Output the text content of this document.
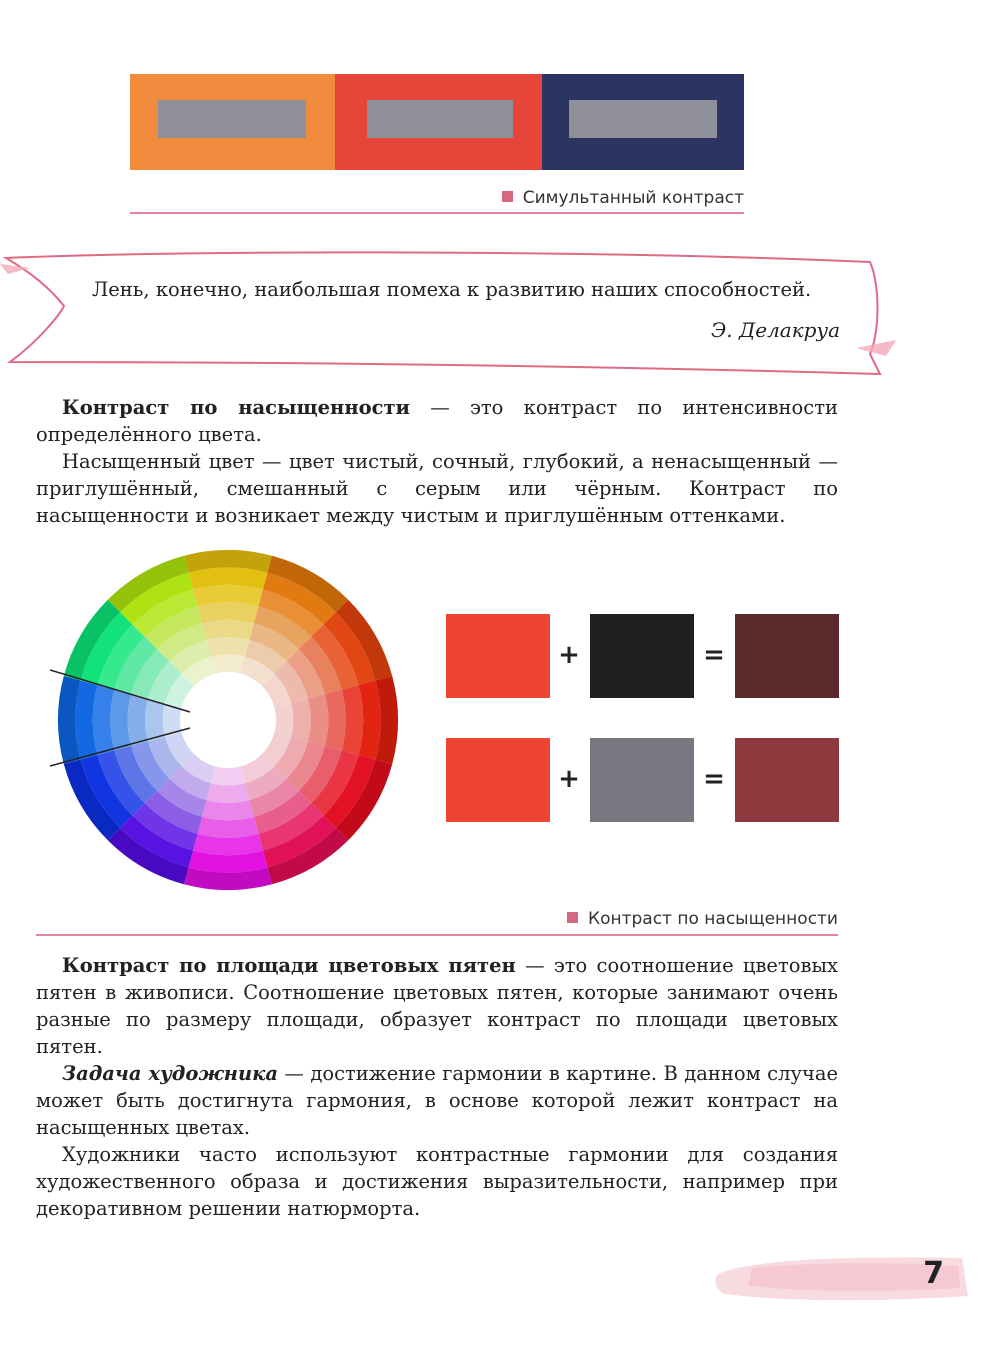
Симультанный контраст

Лень, конечно, наибольшая помеха к развитию наших способностей.

Э. Делакруа
Контраст по насыщенности — это контраст по интенсивности определённого цвета.
Насыщенный цвет — цвет чистый, сочный, глубокий, а ненасыщенный — приглушённый, смешанный с серым или чёрным. Контраст по насыщенности и возникает между чистым и приглушённым оттенками.
+	=
+	=
Контраст по насыщенности
Контраст по площади цветовых пятен — это соотношение цветовых пятен в живописи. Соотношение цветовых пятен, которые занимают очень разные по размеру площади, образует контраст по площади цветовых пятен.
Задача художника — достижение гармонии в картине. В данном случае может быть достигнута гармония, в основе которой лежит контраст на насыщенных цветах.
Художники часто используют контрастные гармонии для создания художественного образа и достижения выразительности, например при декоративном решении натюрморта.
7
